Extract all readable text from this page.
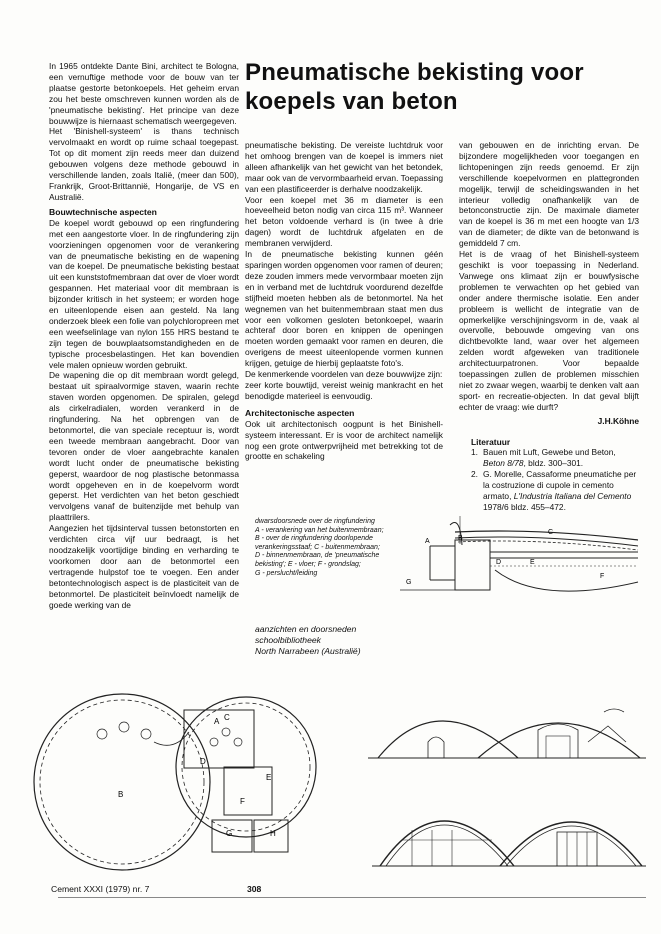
Pneumatische bekisting voor
koepels van beton

In 1965 ontdekte Dante Bini, architect te Bologna, een vernuftige methode voor de bouw van ter plaatse gestorte betonkoepels. Het geheim ervan zou het beste omschreven kunnen worden als de 'pneumatische bekisting'. Het principe van deze bouwwijze is hiernaast schematisch weergegeven.

Het 'Binishell-systeem' is thans technisch vervolmaakt en wordt op ruime schaal toegepast. Tot op dit moment zijn reeds meer dan duizend gebouwen volgens deze methode gebouwd in verschillende landen, zoals Italië, (meer dan 500), Frankrijk, Groot-Brittannië, Hongarije, de VS en Australië.

Bouwtechnische aspecten

De koepel wordt gebouwd op een ringfundering met een aangestorte vloer. In de ringfundering zijn voorzieningen opgenomen voor de verankering van de pneumatische bekisting en de wapening van de koepel. De pneumatische bekisting bestaat uit een kunststofmembraan dat over de vloer wordt gespannen. Het materiaal voor dit membraan is bijzonder kritisch in het systeem; er worden hoge en uiteenlopende eisen aan gesteld. Na lang onderzoek bleek een folie van polychloropreen met een weefselinlage van nylon 155 HRS bestand te zijn tegen de bouwplaatsomstandigheden en de typische procesbelastingen. Het kan bovendien vele malen opnieuw worden gebruikt.

De wapening die op dit membraan wordt gelegd, bestaat uit spiraalvormige staven, waarin rechte staven worden opgenomen. De spiralen, gelegd als cirkelradialen, worden verankerd in de ringfundering. Na het opbrengen van de betonmortel, die van speciale receptuur is, wordt een tweede membraan aangebracht. Door van tevoren onder de vloer aangebrachte kanalen wordt lucht onder de pneumatische bekisting geperst, waardoor de nog plastische betonmassa wordt opgeheven en in de koepelvorm wordt geperst. Het verdichten van het beton geschiedt vervolgens vanaf de buitenzijde met behulp van plaattrilers.

Aangezien het tijdsinterval tussen betonstorten en verdichten circa vijf uur bedraagt, is het noodzakelijk voortijdige binding en verharding te voorkomen door aan de betonmortel een vertragende hulpstof toe te voegen. Een ander betontechnologisch aspect is de plasticiteit van de betonmortel. De plasticiteit beïnvloedt namelijk de goede werking van de

pneumatische bekisting. De vereiste luchtdruk voor het omhoog brengen van de koepel is immers niet alleen afhankelijk van het gewicht van het betondek, maar ook van de vervormbaarheid ervan. Toepassing van een plastificeerder is derhalve noodzakelijk.

Voor een koepel met 36 m diameter is een hoeveelheid beton nodig van circa 115 m³. Wanneer het beton voldoende verhard is (in twee à drie dagen) wordt de luchtdruk afgelaten en de membranen verwijderd.

In de pneumatische bekisting kunnen géén sparingen worden opgenomen voor ramen of deuren; deze zouden immers mede vervormbaar moeten zijn en in verband met de luchtdruk voordurend dezelfde stijfheid moeten hebben als de betonmortel. Na het wegnemen van het buitenmembraan staat men dus voor een volkomen gesloten betonkoepel, waarin achteraf door boren en knippen de openingen moeten worden gemaakt voor ramen en deuren, die overigens de meest uiteenlopende vormen kunnen krijgen, getuige de hierbij geplaatste foto's.

De kenmerkende voordelen van deze bouwwijze zijn:

zeer korte bouwtijd, vereist weinig mankracht en het benodigde materieel is eenvoudig.

Architectonische aspecten

Ook uit architectonisch oogpunt is het Binishell-systeem interessant. Er is voor de architect namelijk nog een grote ontwerpvrijheid met betrekking tot de grootte en schakeling

van gebouwen en de inrichting ervan. De bijzondere mogelijkheden voor toegangen en lichtopeningen zijn reeds genoemd. Er zijn verschillende koepelvormen en plattegronden mogelijk, terwijl de scheidingswanden in het interieur volledig onafhankelijk van de betonconstructie zijn. De maximale diameter van de koepel is 36 m met een hoogte van 1/3 van de diameter; de dikte van de betonwand is gemiddeld 7 cm.

Het is de vraag of het Binishell-systeem geschikt is voor toepassing in Nederland. Vanwege ons klimaat zijn er bouwfysische problemen te verwachten op het gebied van onder andere thermische isolatie. Een ander probleem is wellicht de integratie van de opmerkelijke verschijningsvorm in de, vaak al overvolle, bebouwde omgeving van ons dichtbevolkte land, waar over het algemeen zelden wordt afgeweken van traditionele architectuurpatronen. Voor bepaalde toepassingen zullen de problemen misschien niet zo zwaar wegen, waarbij te denken valt aan sport- en recreatie-objecten. In dat geval blijft echter de vraag: wie durft?

J.H.Köhne

Literatuur

1. Bauen mit Luft, Gewebe und Beton, Beton 8/78, bldz. 300–301.
2. G. Morelle, Cassaforme pneumatiche per la costruzione di cupole in cemento armato, L'Industria Italiana del Cemento 1978/6 bldz. 455–472.

dwarsdoorsnede over de ringfundering

A - verankering van het buitenmembraan;

B - over de ringfundering doorlopende

verankeringsstaaf; C - buitenmembraan;

D - binnenmembraan, de 'pneumatische

bekisting'; E - vloer; F - grondslag;

G - perslucht/leiding

aanzichten en doorsneden

schoolbibliotheek

North Narrabeen (Australië)

A	B
C
D	E
F
G
A
B
C
D
E
F
G	H
Cement XXXI (1979) nr. 7	308
